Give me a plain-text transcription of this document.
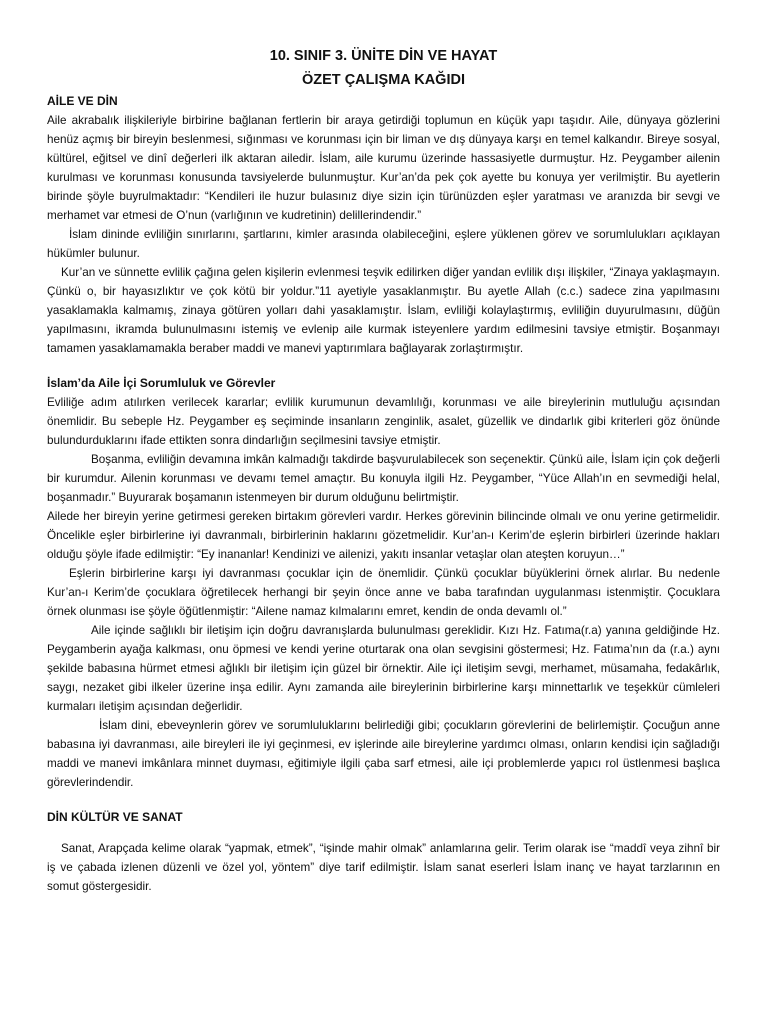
10. SINIF 3. ÜNİTE DİN VE HAYAT
ÖZET ÇALIŞMA KAĞIDI
AİLE VE DİN

Aile akrabalık ilişkileriyle birbirine bağlanan fertlerin bir araya getirdiği toplumun en küçük yapı taşıdır. Aile, dünyaya gözlerini henüz açmış bir bireyin beslenmesi, sığınması ve korunması için bir liman ve dış dünyaya karşı en temel kalkandır. Bireye sosyal, kültürel, eğitsel ve dinî değerleri ilk aktaran ailedir. İslam, aile kurumu üzerinde hassasiyetle durmuştur. Hz. Peygamber ailenin kurulması ve korunması konusunda tavsiyelerde bulunmuştur. Kur’an’da pek çok ayette bu konuya yer verilmiştir. Bu ayetlerin birinde şöyle buyrulmaktadır: “Kendileri ile huzur bulasınız diye sizin için türünüzden eşler yaratması ve aranızda bir sevgi ve merhamet var etmesi de O’nun (varlığının ve kudretinin) delillerindendir.”

İslam dininde evliliğin sınırlarını, şartlarını, kimler arasında olabileceğini, eşlere yüklenen görev ve sorumlulukları açıklayan hükümler bulunur.

Kur’an ve sünnette evlilik çağına gelen kişilerin evlenmesi teşvik edilirken diğer yandan evlilik dışı ilişkiler, “Zinaya yaklaşmayın. Çünkü o, bir hayasızlıktır ve çok kötü bir yoldur.”11 ayetiyle yasaklanmıştır. Bu ayetle Allah (c.c.) sadece zina yapılmasını yasaklamakla kalmamış, zinaya götüren yolları dahi yasaklamıştır. İslam, evliliği kolaylaştırmış, evliliğin duyurulmasını, düğün yapılmasını, ikramda bulunulmasını istemiş ve evlenip aile kurmak isteyenlere yardım edilmesini tavsiye etmiştir. Boşanmayı tamamen yasaklamamakla beraber maddi ve manevi yaptırımlara bağlayarak zorlaştırmıştır.

İslam’da Aile İçi Sorumluluk ve Görevler

Evliliğe adım atılırken verilecek kararlar; evlilik kurumunun devamlılığı, korunması ve aile bireylerinin mutluluğu açısından önemlidir. Bu sebeple Hz. Peygamber eş seçiminde insanların zenginlik, asalet, güzellik ve dindarlık gibi kriterleri göz önünde bulundurduklarını ifade ettikten sonra dindarlığın seçilmesini tavsiye etmiştir.

Boşanma, evliliğin devamına imkân kalmadığı takdirde başvurulabilecek son seçenektir. Çünkü aile, İslam için çok değerli bir kurumdur. Ailenin korunması ve devamı temel amaçtır. Bu konuyla ilgili Hz. Peygamber, “Yüce Allah’ın en sevmediği helal, boşanmadır.” Buyurarak boşamanın istenmeyen bir durum olduğunu belirtmiştir.

Ailede her bireyin yerine getirmesi gereken birtakım görevleri vardır. Herkes görevinin bilincinde olmalı ve onu yerine getirmelidir. Öncelikle eşler birbirlerine iyi davranmalı, birbirlerinin haklarını gözetmelidir. Kur’an-ı Kerim’de eşlerin birbirleri üzerinde hakları olduğu şöyle ifade edilmiştir: “Ey inananlar! Kendinizi ve ailenizi, yakıtı insanlar vetaşlar olan ateşten koruyun…”

Eşlerin birbirlerine karşı iyi davranması çocuklar için de önemlidir. Çünkü çocuklar büyüklerini örnek alırlar. Bu nedenle Kur’an-ı Kerim’de çocuklara öğretilecek herhangi bir şeyin önce anne ve baba tarafından uygulanması istenmiştir. Çocuklara örnek olunması ise şöyle öğütlenmiştir: “Ailene namaz kılmalarını emret, kendin de onda devamlı ol.”

Aile içinde sağlıklı bir iletişim için doğru davranışlarda bulunulması gereklidir. Kızı Hz. Fatıma(r.a) yanına geldiğinde Hz. Peygamberin ayağa kalkması, onu öpmesi ve kendi yerine oturtarak ona olan sevgisini göstermesi; Hz. Fatıma’nın da (r.a.) aynı şekilde babasına hürmet etmesi ağlıklı bir iletişim için güzel bir örnektir. Aile içi iletişim sevgi, merhamet, müsamaha, fedakârlık, saygı, nezaket gibi ilkeler üzerine inşa edilir. Aynı zamanda aile bireylerinin birbirlerine karşı minnettarlık ve teşekkür cümleleri kurmaları iletişim açısından değerlidir.

İslam dini, ebeveynlerin görev ve sorumluluklarını belirlediği gibi; çocukların görevlerini de belirlemiştir. Çocuğun anne babasına iyi davranması, aile bireyleri ile iyi geçinmesi, ev işlerinde aile bireylerine yardımcı olması, onların kendisi için sağladığı maddi ve manevi imkânlara minnet duyması, eğitimiyle ilgili çaba sarf etmesi, aile içi problemlerde yapıcı rol üstlenmesi başlıca görevlerindendir.

DİN KÜLTÜR VE SANAT

Sanat, Arapçada kelime olarak “yapmak, etmek”, “işinde mahir olmak” anlamlarına gelir. Terim olarak ise “maddî veya zihnî bir iş ve çabada izlenen düzenli ve özel yol, yöntem” diye tarif edilmiştir. İslam sanat eserleri İslam inanç ve hayat tarzlarının en somut göstergesidir.
